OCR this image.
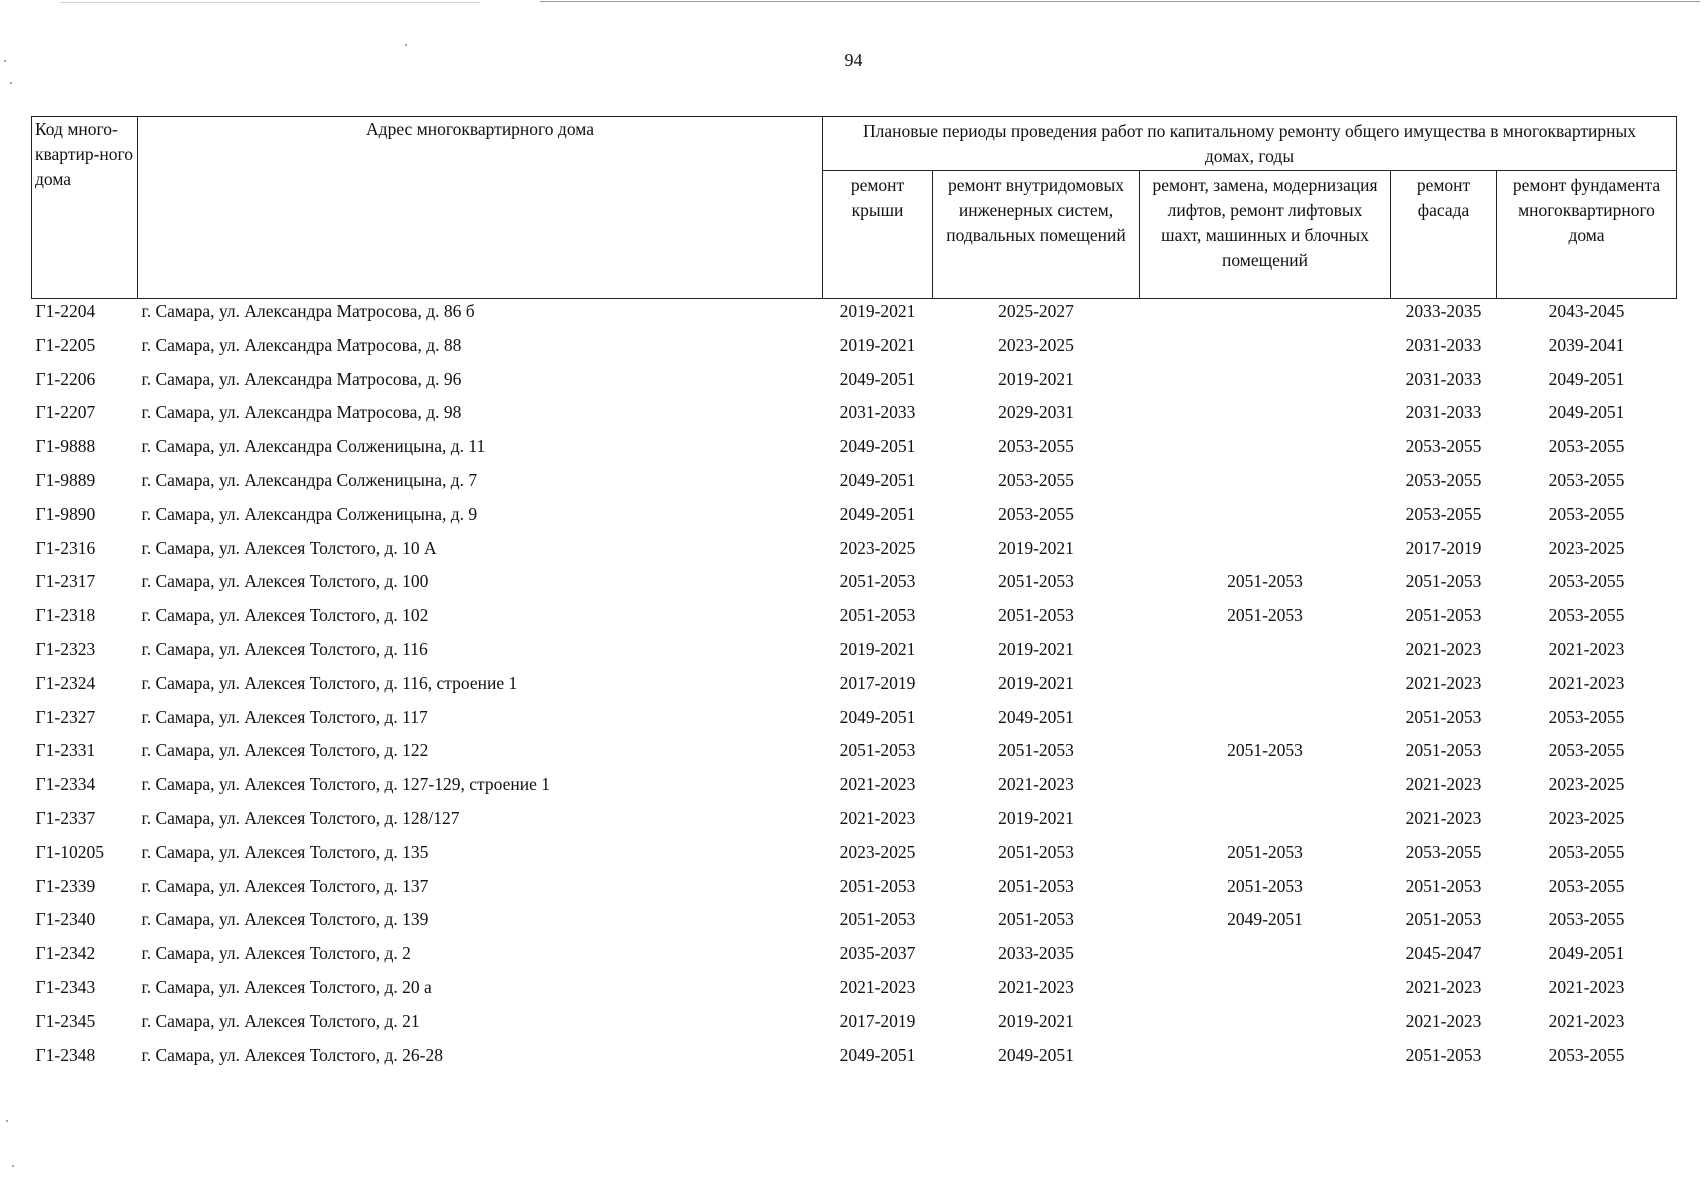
94
Код много-квартир-ного дома	Адрес многоквартирного дома	Плановые периоды проведения работ по капитальному ремонту общего имущества в многоквартирных домах, годы				
		ремонт крыши	ремонт внутридомовых инженерных систем, подвальных помещений	ремонт, замена, модернизация лифтов, ремонт лифтовых шахт, машинных и блочных помещений	ремонт фасада	ремонт фундамента многоквартирного дома
Г1-2204	г. Самара, ул. Александра Матросова, д. 86 б	2019-2021	2025-2027		2033-2035	2043-2045
Г1-2205	г. Самара, ул. Александра Матросова, д. 88	2019-2021	2023-2025		2031-2033	2039-2041
Г1-2206	г. Самара, ул. Александра Матросова, д. 96	2049-2051	2019-2021		2031-2033	2049-2051
Г1-2207	г. Самара, ул. Александра Матросова, д. 98	2031-2033	2029-2031		2031-2033	2049-2051
Г1-9888	г. Самара, ул. Александра Солженицына, д. 11	2049-2051	2053-2055		2053-2055	2053-2055
Г1-9889	г. Самара, ул. Александра Солженицына, д. 7	2049-2051	2053-2055		2053-2055	2053-2055
Г1-9890	г. Самара, ул. Александра Солженицына, д. 9	2049-2051	2053-2055		2053-2055	2053-2055
Г1-2316	г. Самара, ул. Алексея Толстого, д. 10 А	2023-2025	2019-2021		2017-2019	2023-2025
Г1-2317	г. Самара, ул. Алексея Толстого, д. 100	2051-2053	2051-2053	2051-2053	2051-2053	2053-2055
Г1-2318	г. Самара, ул. Алексея Толстого, д. 102	2051-2053	2051-2053	2051-2053	2051-2053	2053-2055
Г1-2323	г. Самара, ул. Алексея Толстого, д. 116	2019-2021	2019-2021		2021-2023	2021-2023
Г1-2324	г. Самара, ул. Алексея Толстого, д. 116, строение 1	2017-2019	2019-2021		2021-2023	2021-2023
Г1-2327	г. Самара, ул. Алексея Толстого, д. 117	2049-2051	2049-2051		2051-2053	2053-2055
Г1-2331	г. Самара, ул. Алексея Толстого, д. 122	2051-2053	2051-2053	2051-2053	2051-2053	2053-2055
Г1-2334	г. Самара, ул. Алексея Толстого, д. 127-129, строение 1	2021-2023	2021-2023		2021-2023	2023-2025
Г1-2337	г. Самара, ул. Алексея Толстого, д. 128/127	2021-2023	2019-2021		2021-2023	2023-2025
Г1-10205	г. Самара, ул. Алексея Толстого, д. 135	2023-2025	2051-2053	2051-2053	2053-2055	2053-2055
Г1-2339	г. Самара, ул. Алексея Толстого, д. 137	2051-2053	2051-2053	2051-2053	2051-2053	2053-2055
Г1-2340	г. Самара, ул. Алексея Толстого, д. 139	2051-2053	2051-2053	2049-2051	2051-2053	2053-2055
Г1-2342	г. Самара, ул. Алексея Толстого, д. 2	2035-2037	2033-2035		2045-2047	2049-2051
Г1-2343	г. Самара, ул. Алексея Толстого, д. 20 а	2021-2023	2021-2023		2021-2023	2021-2023
Г1-2345	г. Самара, ул. Алексея Толстого, д. 21	2017-2019	2019-2021		2021-2023	2021-2023
Г1-2348	г. Самара, ул. Алексея Толстого, д. 26-28	2049-2051	2049-2051		2051-2053	2053-2055
